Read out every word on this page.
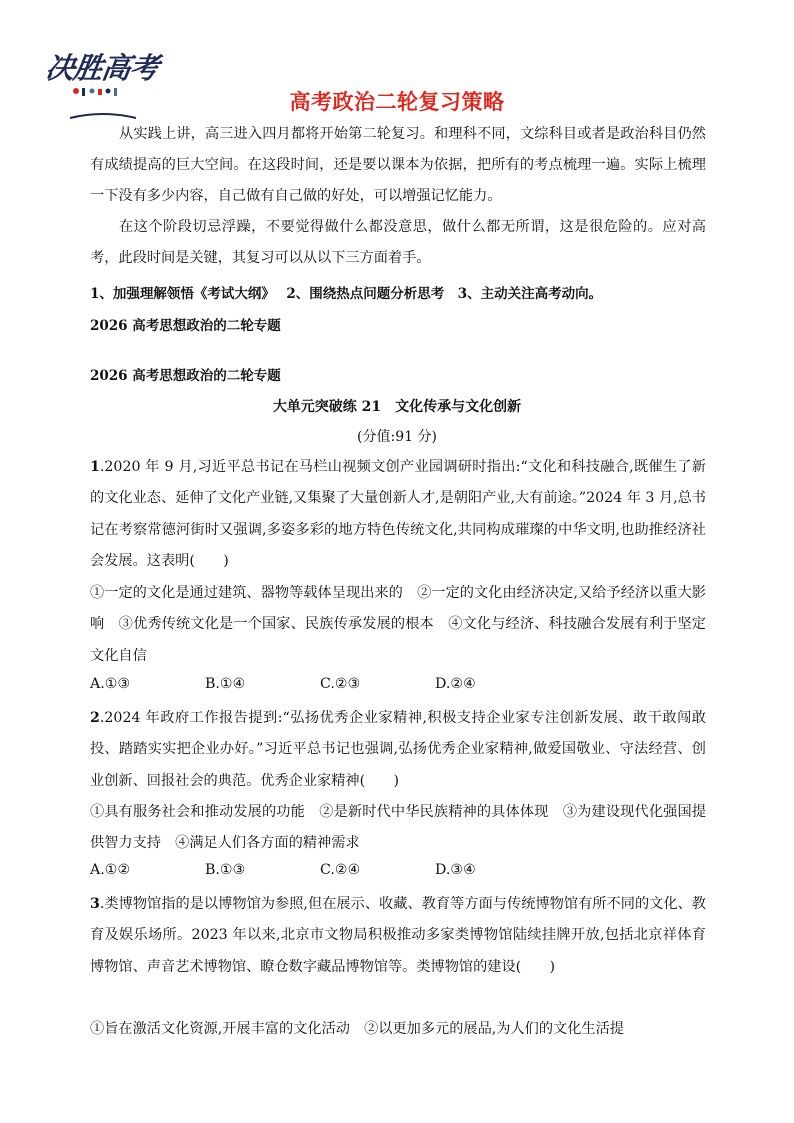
决胜高考
高考政治二轮复习策略
从实践上讲，高三进入四月都将开始第二轮复习。和理科不同，文综科目或者是政治科目仍然有成绩提高的巨大空间。在这段时间，还是要以课本为依据，把所有的考点梳理一遍。实际上梳理一下没有多少内容，自己做有自己做的好处，可以增强记忆能力。
在这个阶段切忌浮躁，不要觉得做什么都没意思，做什么都无所谓，这是很危险的。应对高考，此段时间是关键，其复习可以从以下三方面着手。
1、加强理解领悟《考试大纲》　 2、围绕热点问题分析思考　3、主动关注高考动向。
2026 高考思想政治的二轮专题
2026 高考思想政治的二轮专题
大单元突破练 21　文化传承与文化创新
(分值:91 分)
1.2020 年 9 月,习近平总书记在马栏山视频文创产业园调研时指出:“文化和科技融合,既催生了新的文化业态、延伸了文化产业链,又集聚了大量创新人才,是朝阳产业,大有前途。”2024 年 3 月,总书记在考察常德河街时又强调,多姿多彩的地方特色传统文化,共同构成璀璨的中华文明,也助推经济社会发展。这表明(　　)
①一定的文化是通过建筑、器物等载体呈现出来的　②一定的文化由经济决定,又给予经济以重大影响　③优秀传统文化是一个国家、民族传承发展的根本　④文化与经济、科技融合发展有利于坚定文化自信
A.①③	B.①④	C.②③	D.②④
2.2024 年政府工作报告提到:“弘扬优秀企业家精神,积极支持企业家专注创新发展、敢干敢闯敢投、踏踏实实把企业办好。”习近平总书记也强调,弘扬优秀企业家精神,做爱国敬业、守法经营、创业创新、回报社会的典范。优秀企业家精神(　　)
①具有服务社会和推动发展的功能　②是新时代中华民族精神的具体体现　③为建设现代化强国提供智力支持　④满足人们各方面的精神需求
A.①②	B.①③	C.②④	D.③④
3.类博物馆指的是以博物馆为参照,但在展示、收藏、教育等方面与传统博物馆有所不同的文化、教育及娱乐场所。2023 年以来,北京市文物局积极推动多家类博物馆陆续挂牌开放,包括北京祥体育博物馆、声音艺术博物馆、瞭仓数字藏品博物馆等。类博物馆的建设(　　)
①旨在激活文化资源,开展丰富的文化活动　②以更加多元的展品,为人们的文化生活提
